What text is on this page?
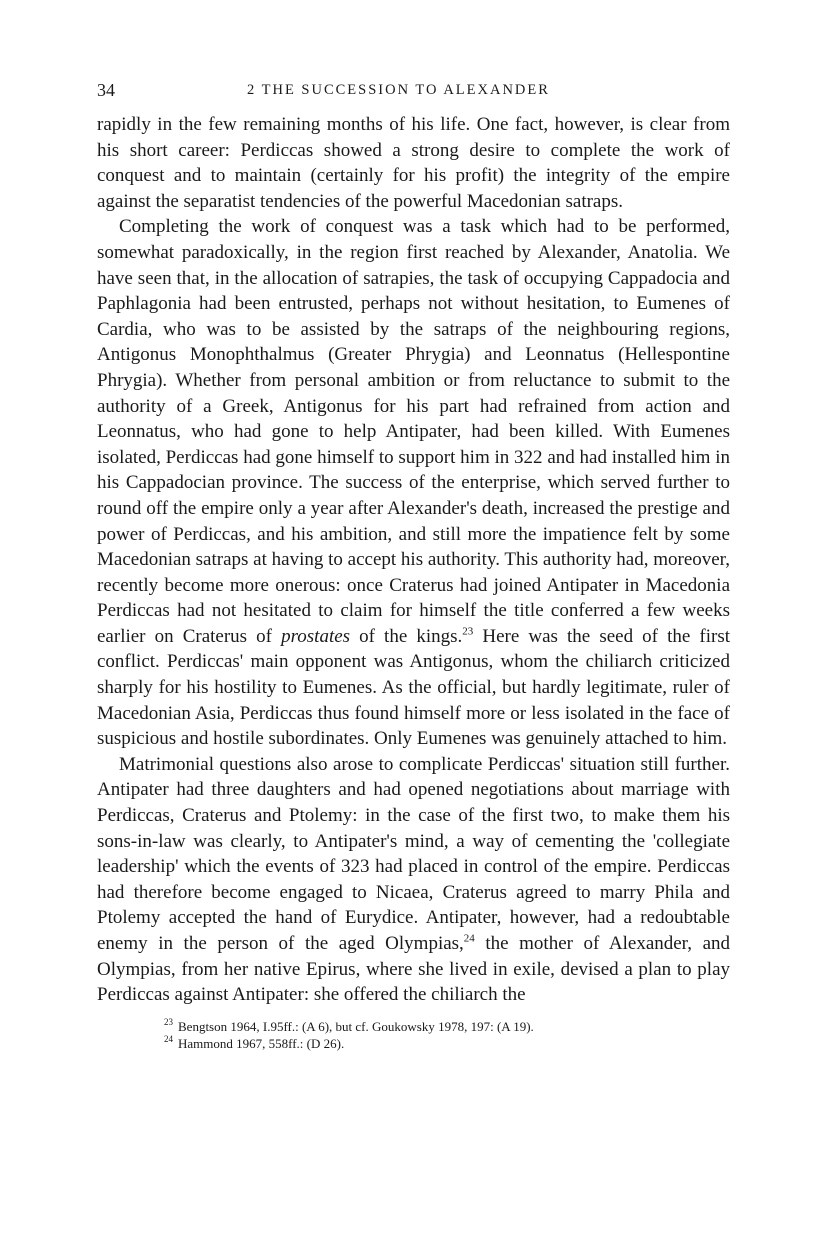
34	2 THE SUCCESSION TO ALEXANDER

rapidly in the few remaining months of his life. One fact, however, is clear from his short career: Perdiccas showed a strong desire to complete the work of conquest and to maintain (certainly for his profit) the integrity of the empire against the separatist tendencies of the powerful Macedonian satraps.

Completing the work of conquest was a task which had to be performed, somewhat paradoxically, in the region first reached by Alexander, Anatolia. We have seen that, in the allocation of satrapies, the task of occupying Cappadocia and Paphlagonia had been entrusted, perhaps not without hesitation, to Eumenes of Cardia, who was to be assisted by the satraps of the neighbouring regions, Antigonus Monophthalmus (Greater Phrygia) and Leonnatus (Hellespontine Phrygia). Whether from personal ambition or from reluctance to submit to the authority of a Greek, Antigonus for his part had refrained from action and Leonnatus, who had gone to help Antipater, had been killed. With Eumenes isolated, Perdiccas had gone himself to support him in 322 and had installed him in his Cappadocian province. The success of the enterprise, which served further to round off the empire only a year after Alexander's death, increased the prestige and power of Perdiccas, and his ambition, and still more the impatience felt by some Macedonian satraps at having to accept his authority. This authority had, moreover, recently become more onerous: once Craterus had joined Antipater in Macedonia Perdiccas had not hesitated to claim for himself the title conferred a few weeks earlier on Craterus of prostates of the kings.$^{23}$ Here was the seed of the first conflict. Perdiccas' main opponent was Antigonus, whom the chiliarch criticized sharply for his hostility to Eumenes. As the official, but hardly legitimate, ruler of Macedonian Asia, Perdiccas thus found himself more or less isolated in the face of suspicious and hostile subordinates. Only Eumenes was genuinely attached to him.

Matrimonial questions also arose to complicate Perdiccas' situation still further. Antipater had three daughters and had opened negotiations about marriage with Perdiccas, Craterus and Ptolemy: in the case of the first two, to make them his sons-in-law was clearly, to Antipater's mind, a way of cementing the 'collegiate leadership' which the events of 323 had placed in control of the empire. Perdiccas had therefore become engaged to Nicaea, Craterus agreed to marry Phila and Ptolemy accepted the hand of Eurydice. Antipater, however, had a redoubtable enemy in the person of the aged Olympias,$^{24}$ the mother of Alexander, and Olympias, from her native Epirus, where she lived in exile, devised a plan to play Perdiccas against Antipater: she offered the chiliarch the

$^{23}$ Bengtson 1964, I.95ff.: (A 6), but cf. Goukowsky 1978, 197: (A 19).

$^{24}$ Hammond 1967, 558ff.: (D 26).
